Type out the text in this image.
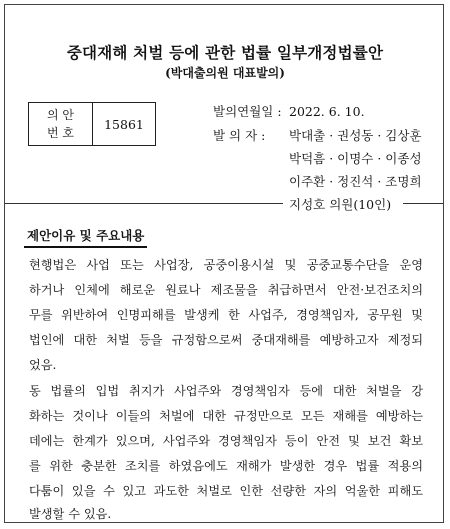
중대재해 처벌 등에 관한 법률 일부개정법률안
(박대출의원 대표발의)
의 안
번 호
15861
발의연월일 : 2022. 6. 10.
발 의 자 : 박대출 · 권성동 · 김상훈
박덕흠 · 이명수 · 이종성
이주환 · 정진석 · 조명희
지성호 의원(10인)
제안이유 및 주요내용
현행법은 사업 또는 사업장, 공중이용시설 및 공중교통수단을 운영
하거나 인체에 해로운 원료나 제조물을 취급하면서 안전·보건조치의
무를 위반하여 인명피해를 발생케 한 사업주, 경영책임자, 공무원 및
법인에 대한 처벌 등을 규정함으로써 중대재해를 예방하고자 제정되
었음.
동 법률의 입법 취지가 사업주와 경영책임자 등에 대한 처벌을 강
화하는 것이나 이들의 처벌에 대한 규정만으로 모든 재해를 예방하는
데에는 한계가 있으며, 사업주와 경영책임자 등이 안전 및 보건 확보
를 위한 충분한 조치를 하였음에도 재해가 발생한 경우 법률 적용의
다툼이 있을 수 있고 과도한 처벌로 인한 선량한 자의 억울한 피해도
발생할 수 있음.
